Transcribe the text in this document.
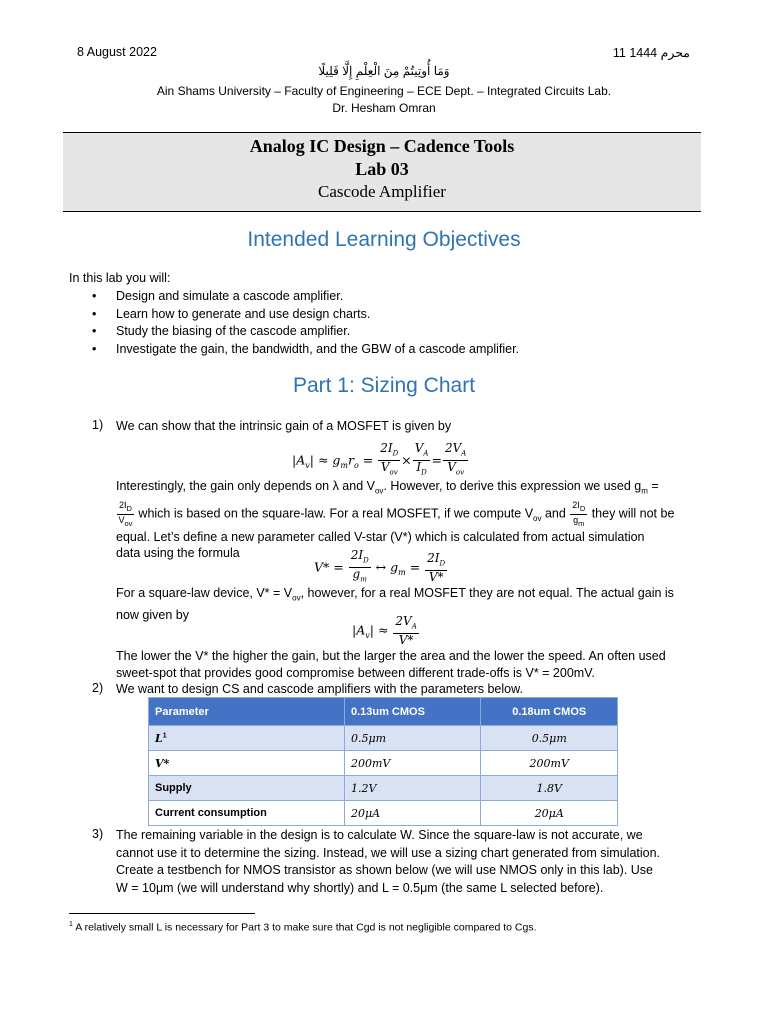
8 August 2022	11 محرم 1444
وَمَا أُوتِيتُمْ مِنَ الْعِلْمِ إِلَّا قَلِيلًا
Ain Shams University – Faculty of Engineering – ECE Dept. – Integrated Circuits Lab.
Dr. Hesham Omran
Analog IC Design – Cadence Tools
Lab 03
Cascode Amplifier
Intended Learning Objectives
In this lab you will:
• Design and simulate a cascode amplifier.
• Learn how to generate and use design charts.
• Study the biasing of the cascode amplifier.
• Investigate the gain, the bandwidth, and the GBW of a cascode amplifier.
Part 1: Sizing Chart
1) We can show that the intrinsic gain of a MOSFET is given by
$|A_v| \approx g_mr_o = \frac{2I_D}{V_{ov}} \times \frac{V_A}{I_D} = \frac{2V_A}{V_{ov}}$
Interestingly, the gain only depends on λ and $V_{ov}$. However, to derive this expression we used $g_m$ =

$\frac{2I_D}{V_{ov}}$ which is based on the square-law. For a real MOSFET, if we compute $V_{ov}$ and $\frac{2I_D}{g_m}$ they will not be
equal. Let’s define a new parameter called V-star (V*) which is calculated from actual simulation
data using the formula
$V* = \frac{2I_D}{g_m}$ ↔ $g_m = \frac{2I_D}{V*}$
For a square-law device, $V* = V_{ov}$, however, for a real MOSFET they are not equal. The actual gain is
now given by
$|A_v| \approx \frac{2V_A}{V*}$
The lower the V* the higher the gain, but the larger the area and the lower the speed. An often used
sweet-spot that provides good compromise between different trade-offs is V* = 200mV.
2) We want to design CS and cascode amplifiers with the parameters below.
Parameter	0.13um CMOS	0.18um CMOS
$L^1$	0.5μm	0.5μm
V*	200mV	200mV
Supply	1.2V	1.8V
Current consumption	20μA	20μA
3) The remaining variable in the design is to calculate W. Since the square-law is not accurate, we
cannot use it to determine the sizing. Instead, we will use a sizing chart generated from simulation.
Create a testbench for NMOS transistor as shown below (we will use NMOS only in this lab). Use
W = 10μm (we will understand why shortly) and L = 0.5μm (the same L selected before).
$^1$ A relatively small L is necessary for Part 3 to make sure that Cgd is not negligible compared to Cgs.
